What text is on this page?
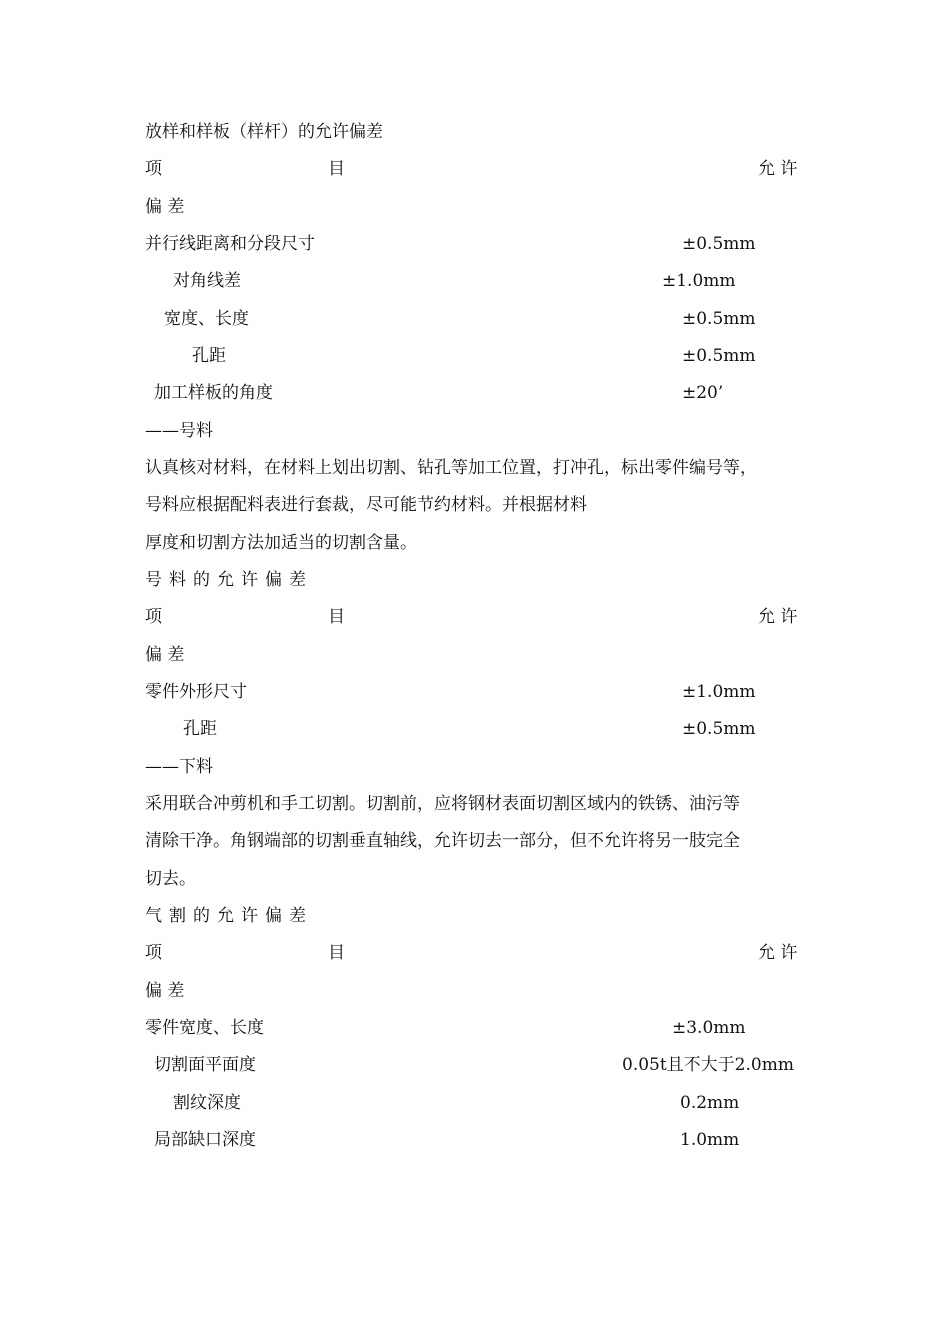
放样和样板（样杆）的允许偏差
项	目	允 许
偏 差
并行线距离和分段尺寸	±0.5mm
对角线差	±1.0mm
宽度、长度	±0.5mm
孔距	±0.5mm
加工样板的角度	±20’
——号料
认真核对材料，在材料上划出切割、钻孔等加工位置，打冲孔，标出零件编号等，
号料应根据配料表进行套裁，尽可能节约材料。并根据材料
厚度和切割方法加适当的切割含量。
号料的允许偏差
项	目	允 许
偏 差
零件外形尺寸	±1.0mm
孔距	±0.5mm
——下料
采用联合冲剪机和手工切割。切割前，应将钢材表面切割区域内的铁锈、油污等
清除干净。角钢端部的切割垂直轴线，允许切去一部分，但不允许将另一肢完全
切去。
气割的允许偏差
项	目	允 许
偏 差
零件宽度、长度	±3.0mm
切割面平面度	0.05t且不大于2.0mm
割纹深度	0.2mm
局部缺口深度	1.0mm
